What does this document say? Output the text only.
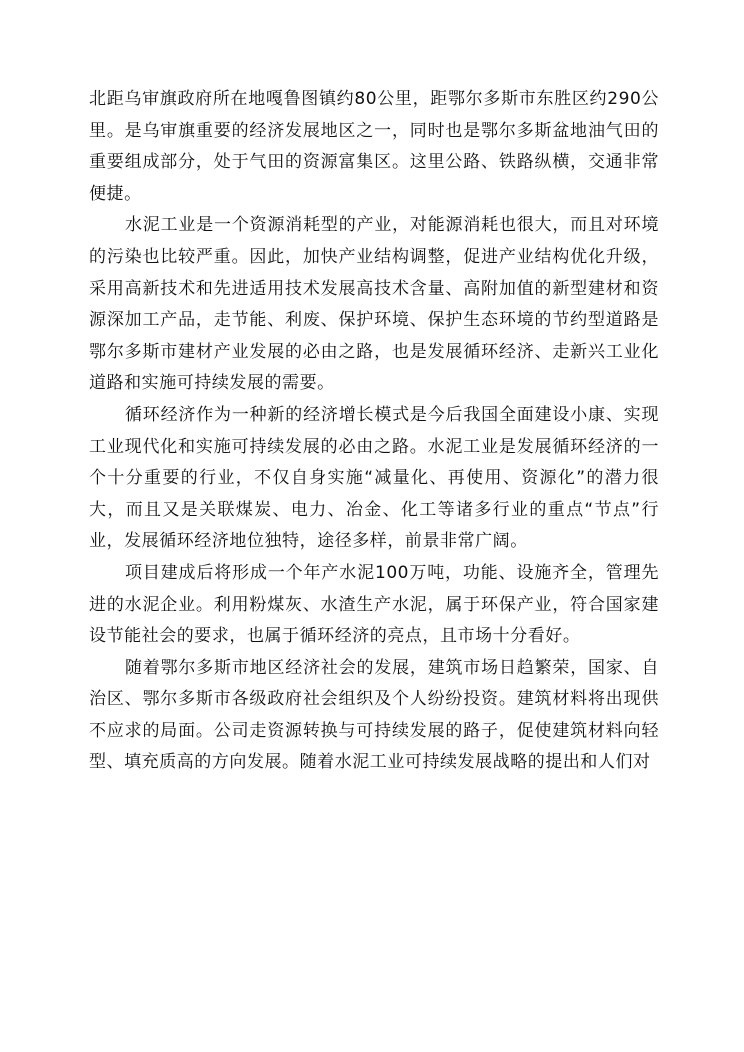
北距乌审旗政府所在地嘎鲁图镇约80公里，距鄂尔多斯市东胜区约290公里。是乌审旗重要的经济发展地区之一，同时也是鄂尔多斯盆地油气田的重要组成部分，处于气田的资源富集区。这里公路、铁路纵横，交通非常便捷。

水泥工业是一个资源消耗型的产业，对能源消耗也很大，而且对环境的污染也比较严重。因此，加快产业结构调整，促进产业结构优化升级，采用高新技术和先进适用技术发展高技术含量、高附加值的新型建材和资源深加工产品，走节能、利废、保护环境、保护生态环境的节约型道路是鄂尔多斯市建材产业发展的必由之路，也是发展循环经济、走新兴工业化道路和实施可持续发展的需要。

循环经济作为一种新的经济增长模式是今后我国全面建设小康、实现工业现代化和实施可持续发展的必由之路。水泥工业是发展循环经济的一个十分重要的行业，不仅自身实施“减量化、再使用、资源化”的潜力很大，而且又是关联煤炭、电力、冶金、化工等诸多行业的重点“节点”行业，发展循环经济地位独特，途径多样，前景非常广阔。

项目建成后将形成一个年产水泥100万吨，功能、设施齐全，管理先进的水泥企业。利用粉煤灰、水渣生产水泥，属于环保产业，符合国家建设节能社会的要求，也属于循环经济的亮点，且市场十分看好。

随着鄂尔多斯市地区经济社会的发展，建筑市场日趋繁荣，国家、自治区、鄂尔多斯市各级政府社会组织及个人纷纷投资。建筑材料将出现供不应求的局面。公司走资源转换与可持续发展的路子，促使建筑材料向轻型、填充质高的方向发展。随着水泥工业可持续发展战略的提出和人们对
